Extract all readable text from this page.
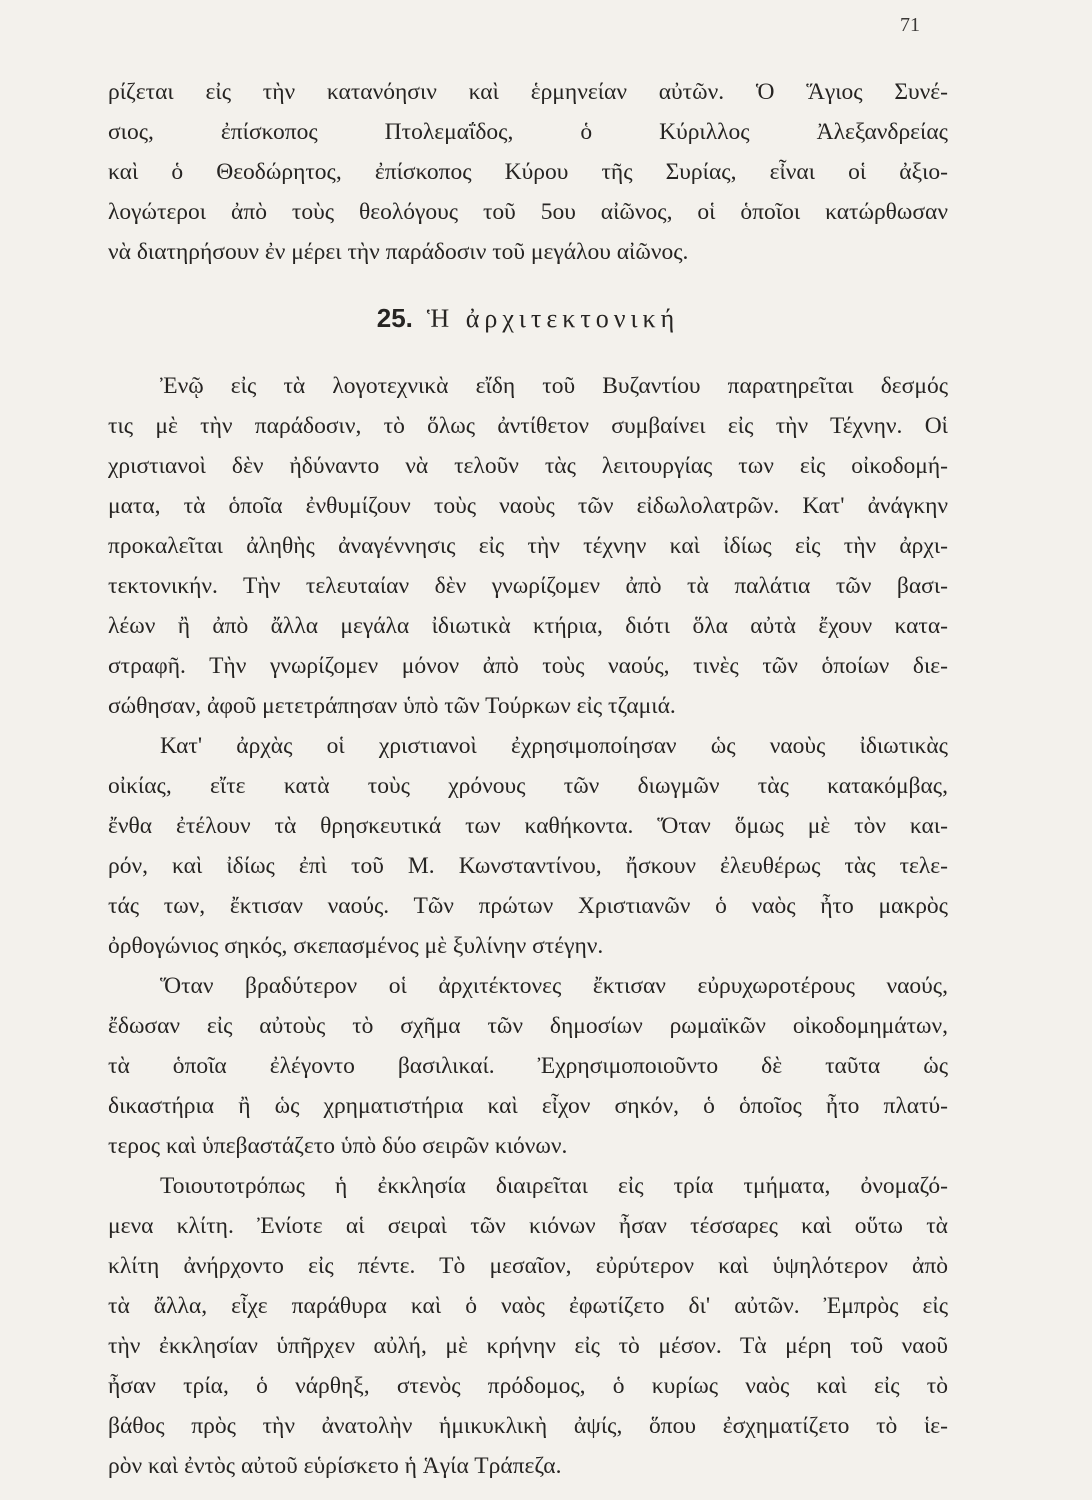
71
ρίζεται εἰς τὴν κατανόησιν καὶ ἑρμηνείαν αὐτῶν. Ὁ Ἅγιος Συνέ-
σιος, ἐπίσκοπος Πτολεμαΐδος, ὁ Κύριλλος Ἀλεξανδρείας
καὶ ὁ Θεοδώρητος, ἐπίσκοπος Κύρου τῆς Συρίας, εἶναι οἱ ἀξιο-
λογώτεροι ἀπὸ τοὺς θεολόγους τοῦ 5ου αἰῶνος, οἱ ὁποῖοι κατώρθωσαν
νὰ διατηρήσουν ἐν μέρει τὴν παράδοσιν τοῦ μεγάλου αἰῶνος.
25. Ἡ ἀρχιτεκτονική
Ἐνῷ εἰς τὰ λογοτεχνικὰ εἴδη τοῦ Βυζαντίου παρατηρεῖται δεσμός
τις μὲ τὴν παράδοσιν, τὸ ὅλως ἀντίθετον συμβαίνει εἰς τὴν Τέχνην. Οἱ
χριστιανοὶ δὲν ἠδύναντο νὰ τελοῦν τὰς λειτουργίας των εἰς οἰκοδομή-
ματα, τὰ ὁποῖα ἐνθυμίζουν τοὺς ναοὺς τῶν εἰδωλολατρῶν. Κατ' ἀνάγκην
προκαλεῖται ἀληθὴς ἀναγέννησις εἰς τὴν τέχνην καὶ ἰδίως εἰς τὴν ἀρχι-
τεκτονικήν. Τὴν τελευταίαν δὲν γνωρίζομεν ἀπὸ τὰ παλάτια τῶν βασι-
λέων ἢ ἀπὸ ἄλλα μεγάλα ἰδιωτικὰ κτήρια, διότι ὅλα αὐτὰ ἔχουν κατα-
στραφῆ. Τὴν γνωρίζομεν μόνον ἀπὸ τοὺς ναούς, τινὲς τῶν ὁποίων διε-
σώθησαν, ἀφοῦ μετετράπησαν ὑπὸ τῶν Τούρκων εἰς τζαμιά.
Κατ' ἀρχὰς οἱ χριστιανοὶ ἐχρησιμοποίησαν ὡς ναοὺς ἰδιωτικὰς
οἰκίας, εἴτε κατὰ τοὺς χρόνους τῶν διωγμῶν τὰς κατακόμβας,
ἔνθα ἐτέλουν τὰ θρησκευτικά των καθήκοντα. Ὅταν ὅμως μὲ τὸν και-
ρόν, καὶ ἰδίως ἐπὶ τοῦ Μ. Κωνσταντίνου, ἤσκουν ἐλευθέρως τὰς τελε-
τάς των, ἔκτισαν ναούς. Τῶν πρώτων Χριστιανῶν ὁ ναὸς ἦτο μακρὸς
ὀρθογώνιος σηκός, σκεπασμένος μὲ ξυλίνην στέγην.
Ὅταν βραδύτερον οἱ ἀρχιτέκτονες ἔκτισαν εὐρυχωροτέρους ναούς,
ἔδωσαν εἰς αὐτοὺς τὸ σχῆμα τῶν δημοσίων ρωμαϊκῶν οἰκοδομημάτων,
τὰ ὁποῖα ἐλέγοντο βασιλικαί. Ἐχρησιμοποιοῦντο δὲ ταῦτα ὡς
δικαστήρια ἢ ὡς χρηματιστήρια καὶ εἶχον σηκόν, ὁ ὁποῖος ἦτο πλατύ-
τερος καὶ ὑπεβαστάζετο ὑπὸ δύο σειρῶν κιόνων.
Τοιουτοτρόπως ἡ ἐκκλησία διαιρεῖται εἰς τρία τμήματα, ὀνομαζό-
μενα κλίτη. Ἐνίοτε αἱ σειραὶ τῶν κιόνων ἦσαν τέσσαρες καὶ οὕτω τὰ
κλίτη ἀνήρχοντο εἰς πέντε. Τὸ μεσαῖον, εὐρύτερον καὶ ὑψηλότερον ἀπὸ
τὰ ἄλλα, εἶχε παράθυρα καὶ ὁ ναὸς ἐφωτίζετο δι' αὐτῶν. Ἐμπρὸς εἰς
τὴν ἐκκλησίαν ὑπῆρχεν αὐλή, μὲ κρήνην εἰς τὸ μέσον. Τὰ μέρη τοῦ ναοῦ
ἦσαν τρία, ὁ νάρθηξ, στενὸς πρόδομος, ὁ κυρίως ναὸς καὶ εἰς τὸ
βάθος πρὸς τὴν ἀνατολὴν ἡμικυκλικὴ ἀψίς, ὅπου ἐσχηματίζετο τὸ ἱε-
ρὸν καὶ ἐντὸς αὐτοῦ εὑρίσκετο ἡ Ἁγία Τράπεζα.
